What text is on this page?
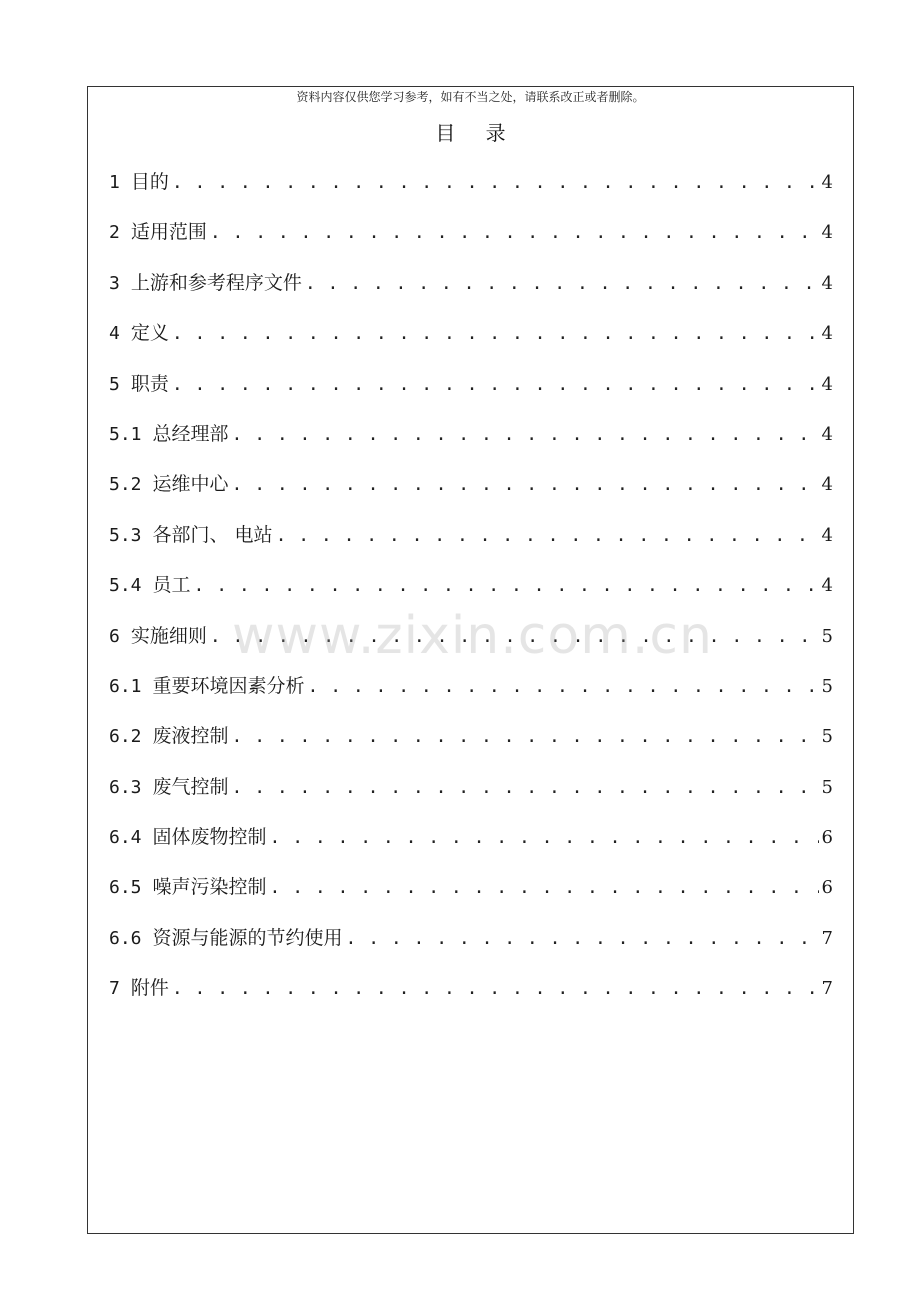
资料内容仅供您学习参考，如有不当之处，请联系改正或者删除。
目 录
1 目的 . . .	4
2 适用范围 . . .	4
3 上游和参考程序文件 . . .	4
4 定义 . . .	4
5 职责 . . .	4
5.1 总经理部 . . .	4
5.2 运维中心 . . .	4
5.3 各部门、 电站 . . .	4
5.4 员工 . . .	4
6 实施细则 . . .	5
6.1 重要环境因素分析 . . .	5
6.2 废液控制 . . .	5
6.3 废气控制 . . .	5
6.4 固体废物控制 . . .	6
6.5 噪声污染控制 . . .	6
6.6 资源与能源的节约使用 . . .	7
7 附件 . . .	7
www.zixin.com.cn
